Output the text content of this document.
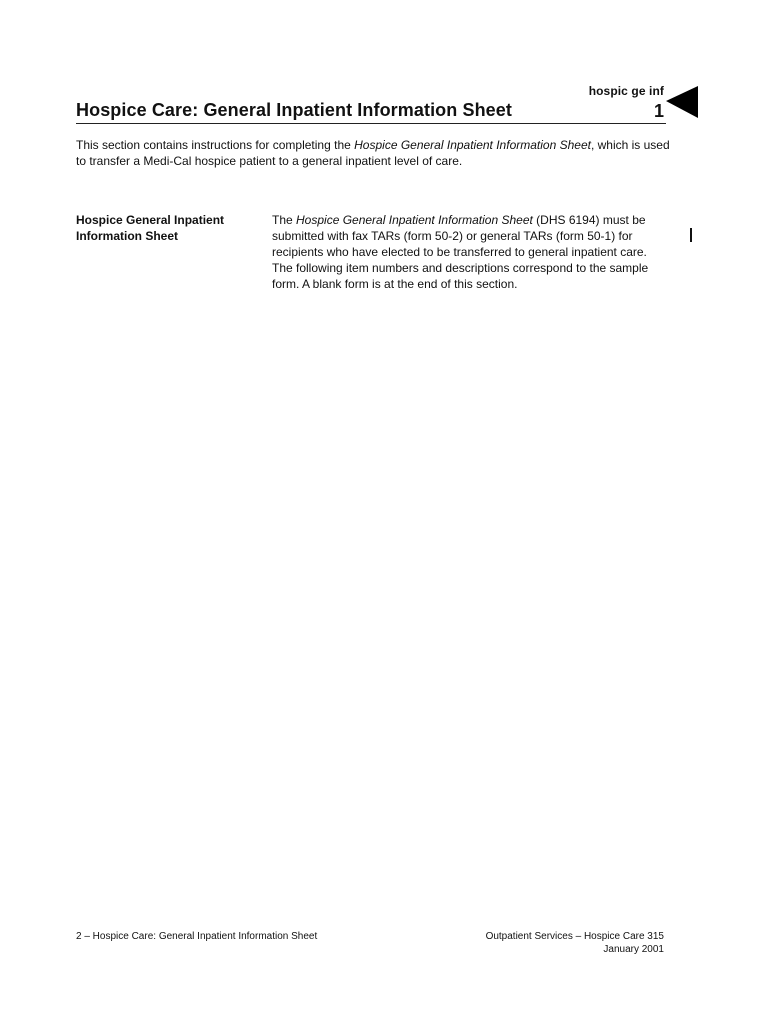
hospic ge inf
Hospice Care: General Inpatient Information Sheet	1
This section contains instructions for completing the Hospice General Inpatient Information Sheet, which is used to transfer a Medi-Cal hospice patient to a general inpatient level of care.
Hospice General Inpatient Information Sheet
The Hospice General Inpatient Information Sheet (DHS 6194) must be submitted with fax TARs (form 50-2) or general TARs (form 50-1) for recipients who have elected to be transferred to general inpatient care. The following item numbers and descriptions correspond to the sample form. A blank form is at the end of this section.
2 – Hospice Care: General Inpatient Information Sheet	Outpatient Services – Hospice Care 315
January 2001
